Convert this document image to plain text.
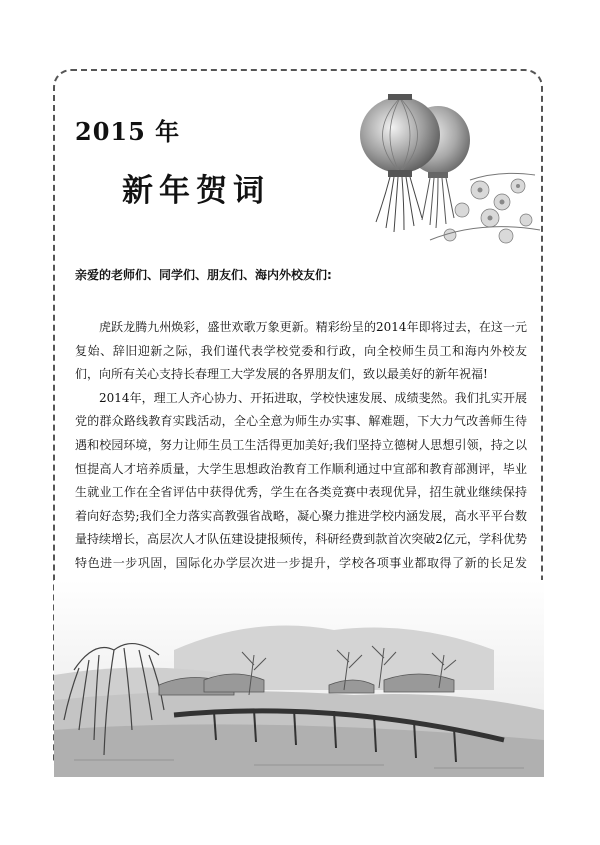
2015 年
新年贺词
亲爱的老师们、同学们、朋友们、海内外校友们:

虎跃龙腾九州焕彩，盛世欢歌万象更新。精彩纷呈的2014年即将过去，在这一元复始、辞旧迎新之际，我们谨代表学校党委和行政，向全校师生员工和海内外校友们，向所有关心支持长春理工大学发展的各界朋友们，致以最美好的新年祝福!

2014年，理工人齐心协力、开拓进取，学校快速发展、成绩斐然。我们扎实开展党的群众路线教育实践活动，全心全意为师生办实事、解难题，下大力气改善师生待遇和校园环境，努力让师生员工生活得更加美好;我们坚持立德树人思想引领，持之以恒提高人才培养质量，大学生思想政治教育工作顺利通过中宣部和教育部测评，毕业生就业工作在全省评估中获得优秀，学生在各类竞赛中表现优异，招生就业继续保持着向好态势;我们全力落实高教强省战略，凝心聚力推进学校内涵发展，高水平平台数量持续增长，高层次人才队伍建设捷报频传，科研经费到款首次突破2亿元，学科优势特色进一步巩固，国际化办学层次进一步提升，学校各项事业都取得了新的长足发
